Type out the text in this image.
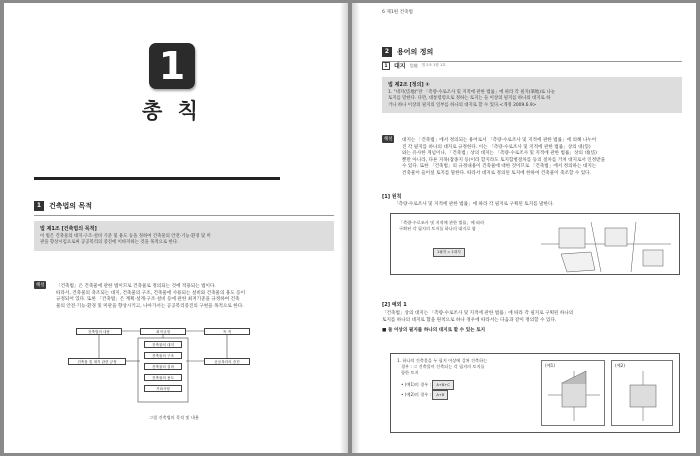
1
총 칙
1	건축법의 목적
법 제1조 [건축법의 목적]
이 법은 건축물의 대지·구조·설비 기준 및 용도 등을 정하여 건축물의 안전·기능·환경 및 미
관을 향상시킴으로써 공공복리의 증진에 이바지하는 것을 목적으로 한다.
해설	「건축법」은 건축물에 관한 법이므로 건축물로 정의되는 것에 적용되는 법이다.
따라서, 건축물의 축조되는 대지, 건축물의 구조, 건축물에 사용되는 설비와 건축물의 용도 등이
규정되어 있다. 또한 「건축법」은 계획·설계·구조·설비 등에 관한 최저기준을 규정하여 건축
물의 안전·기능·환경 및 미관을 향상시키고, 나아가서는 공공복리증진의 구현을 목적으로 한다.
건축법의 내용	최저규정	목 적
건축물 및 대지 관련 규정
건축물의 대지
건축물의 구조
건축물의 설비
건축물의 용도
기타사항
공공복리의 증진
그림 건축법의 목적 및 내용
6 제1편 건축법
2	용어의 정의
1	대지 垈地 법 2조 1항 1호
법 제2조 [정의] ①
1. "대지(垈地)"란 「측량·수로조사 및 지적에 관한 법률」에 따라 각 필지(筆地)로 나눈
토지를 말한다. 다만, 대통령령으로 정하는 토지는 둘 이상의 필지를 하나의 대지로 하
거나 하나 이상의 필지의 일부를 하나의 대지로 할 수 있다.<개정 2009.6.9>
해설 대지는 「건축법」에서 정의되는 용어로서 「측량·수로조사 및 지적에 관한 법률」에 의해 나누어
진 각 필지를 하나의 대지로 규정한다. 이는 「측량·수로조사 및 지적에 관한 법률」상의 대(垈)
와는 유사한 개념이나, 「건축법」상의 대지는 「측량·수로조사 및 지적에 관한 법률」상의 대(垈)
뿐만 아니라, 다른 지목(잡종지 등)이라 할지라도 토지합병절차를 등의 절차를 거쳐 대지로서 인정받을
수 있다. 또한 「건축법」의 규정내용이 건축물에 대한 것이므로 「건축법」에서 정의하는 대지는
건축물이 들어설 토지를 말한다. 따라서 대지로 정의된 토지에 한하여 건축물이 축조할 수 있다.
[1] 원칙
「측량·수로조사 및 지적에 관한 법률」에 따라 각 필지로 구획된 토지를 말한다.
「측량·수로조사 및 지적에 관한 법률」에 따라
구획된 각 필지의 토지를 하나의 대지로 함
1필지 = 1대지
[2] 예외 1
「건축법」상의 대지는 「측량·수로조사 및 지적에 관한 법률」에 따라 각 필지로 구획된 하나의
토지를 하나의 대지로 함을 원칙으로 하나 경우에 따라서는 다음과 같이 정의할 수 있다.
■ 둘 이상의 필지를 하나의 대지로 할 수 있는 토지
1. 하나의 건축물을 두 필지 이상에 걸쳐 건축하는
경우 : 그 건축물이 건축되는 각 필지의 토지를
합한 토지
• (예1)의 경우 : A+B+C
• (예2)의 경우 : A+B
(예1)	(예2)
